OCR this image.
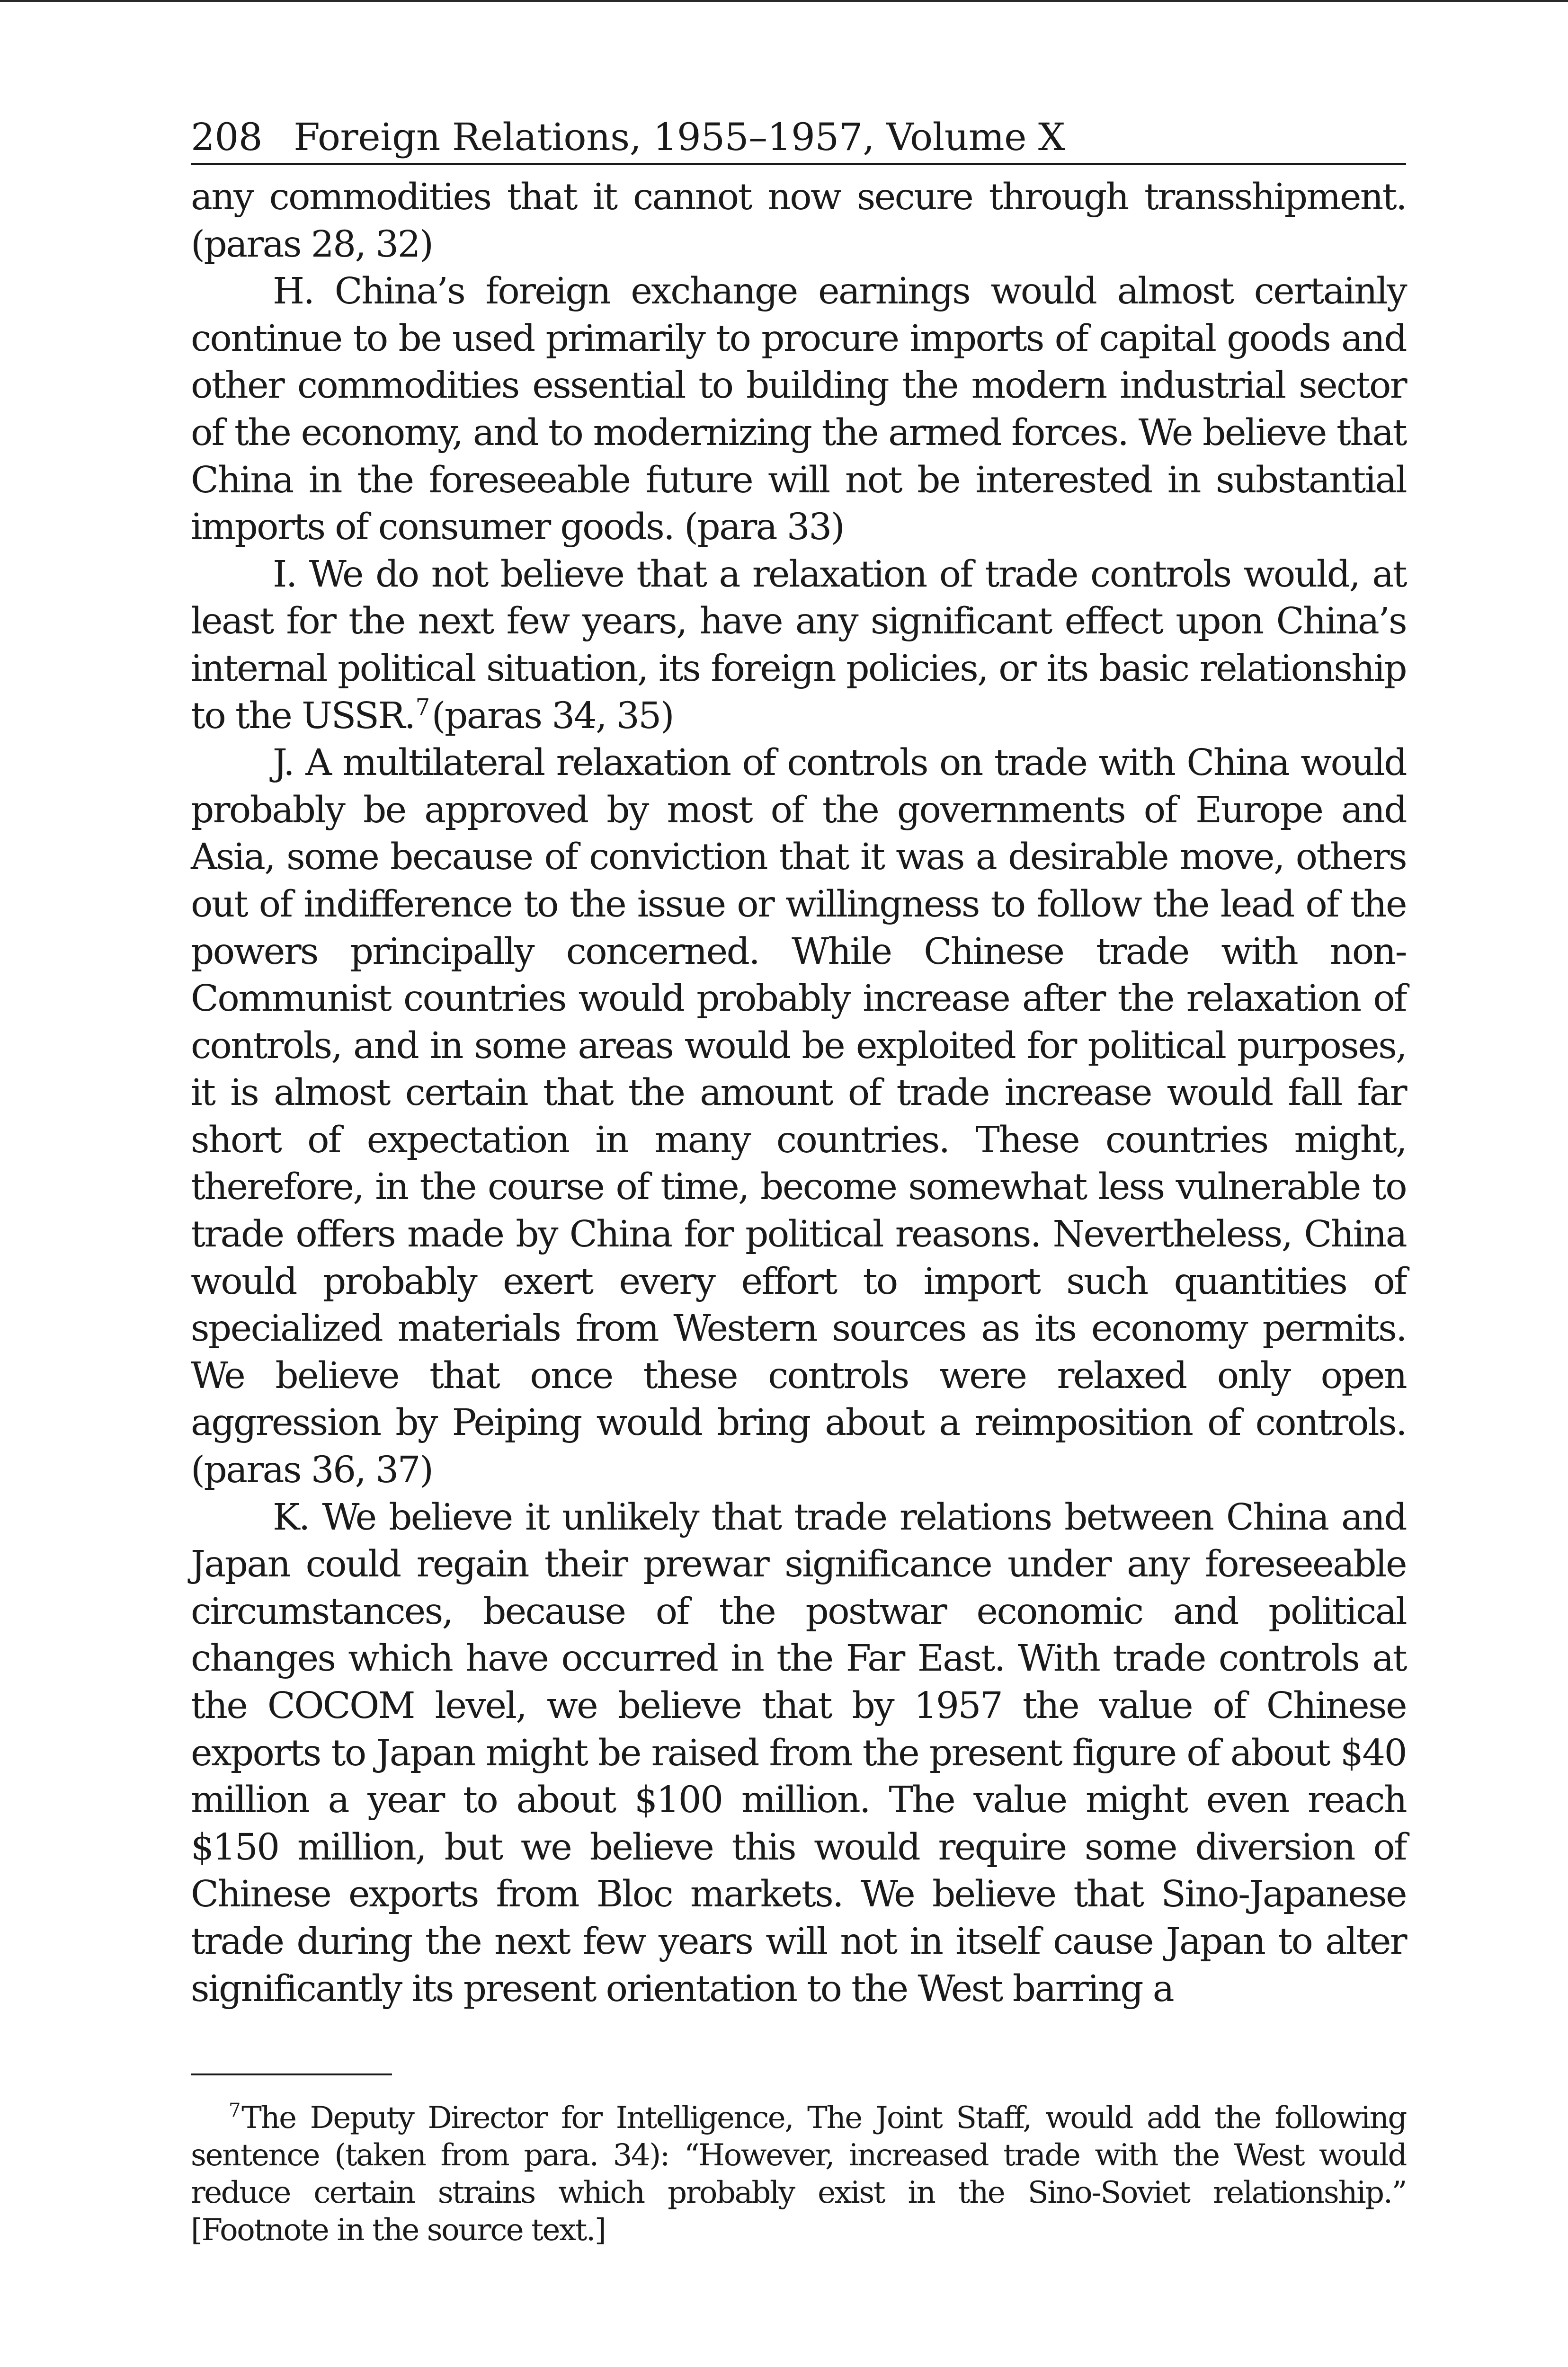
208 Foreign Relations, 1955–1957, Volume X

any commodities that it cannot now secure through transshipment. (paras 28, 32)

H. China’s foreign exchange earnings would almost certainly continue to be used primarily to procure imports of capital goods and other commodities essential to building the modern industrial sector of the economy, and to modernizing the armed forces. We believe that China in the foreseeable future will not be interested in substantial imports of consumer goods. (para 33)

I. We do not believe that a relaxation of trade controls would, at least for the next few years, have any significant effect upon China’s internal political situation, its foreign policies, or its basic relationship to the USSR.$^7$(paras 34, 35)

J. A multilateral relaxation of controls on trade with China would probably be approved by most of the governments of Europe and Asia, some because of conviction that it was a desirable move, others out of indifference to the issue or willingness to follow the lead of the powers principally concerned. While Chinese trade with non-Communist countries would probably increase after the relaxation of controls, and in some areas would be exploited for political purposes, it is almost certain that the amount of trade increase would fall far short of expectation in many countries. These countries might, therefore, in the course of time, become somewhat less vulnerable to trade offers made by China for political reasons. Nevertheless, China would probably exert every effort to import such quantities of specialized materials from Western sources as its economy permits. We believe that once these controls were relaxed only open aggression by Peiping would bring about a reimposition of controls. (paras 36, 37)

K. We believe it unlikely that trade relations between China and Japan could regain their prewar significance under any foreseeable circumstances, because of the postwar economic and political changes which have occurred in the Far East. With trade controls at the COCOM level, we believe that by 1957 the value of Chinese exports to Japan might be raised from the present figure of about $40 million a year to about $100 million. The value might even reach $150 million, but we believe this would require some diversion of Chinese exports from Bloc markets. We believe that Sino-Japanese trade during the next few years will not in itself cause Japan to alter significantly its present orientation to the West barring a

$^7$The Deputy Director for Intelligence, The Joint Staff, would add the following sentence (taken from para. 34): “However, increased trade with the West would reduce certain strains which probably exist in the Sino-Soviet relationship.” [Footnote in the source text.]
